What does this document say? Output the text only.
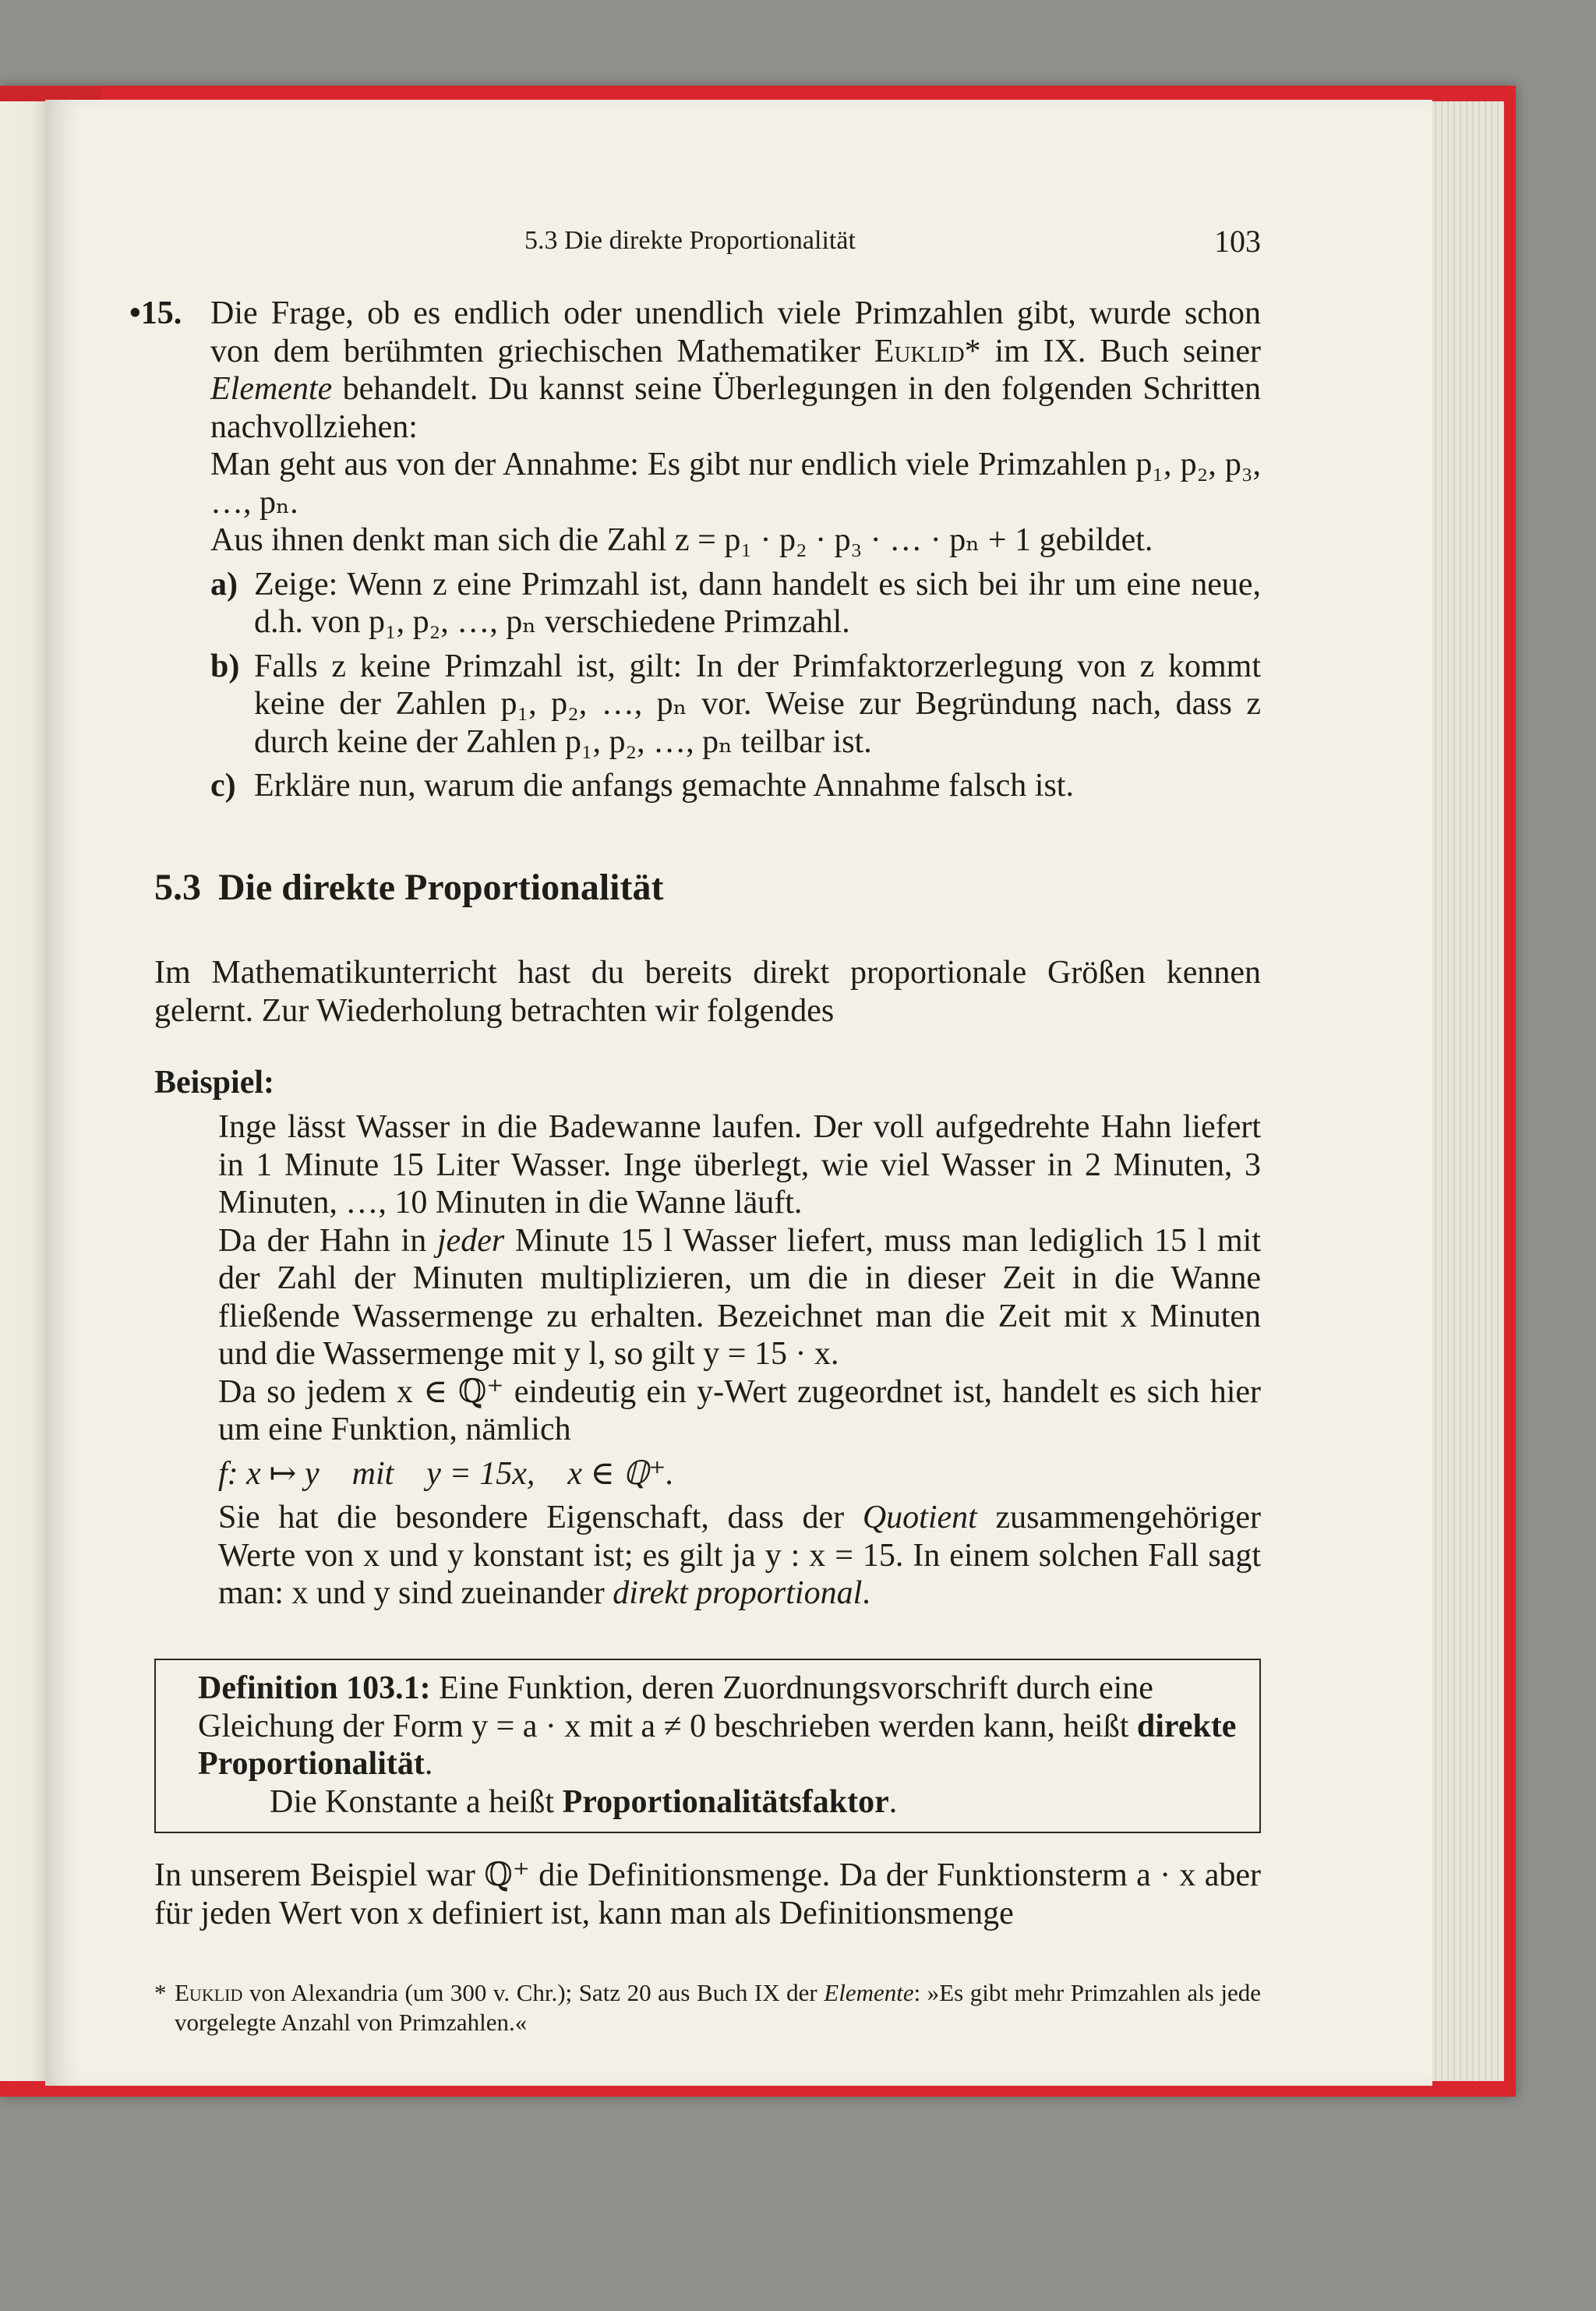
5.3 Die direkte Proportionalität	103
•15. Die Frage, ob es endlich oder unendlich viele Primzahlen gibt, wurde schon von dem berühmten griechischen Mathematiker Euklid* im IX. Buch seiner Elemente behandelt. Du kannst seine Überlegungen in den folgenden Schritten nachvollziehen:
Man geht aus von der Annahme: Es gibt nur endlich viele Primzahlen p₁, p₂, p₃, …, pₙ.
Aus ihnen denkt man sich die Zahl z = p₁ · p₂ · p₃ · … · pₙ + 1 gebildet.
a) Zeige: Wenn z eine Primzahl ist, dann handelt es sich bei ihr um eine neue, d.h. von p₁, p₂, …, pₙ verschiedene Primzahl.
b) Falls z keine Primzahl ist, gilt: In der Primfaktorzerlegung von z kommt keine der Zahlen p₁, p₂, …, pₙ vor. Weise zur Begründung nach, dass z durch keine der Zahlen p₁, p₂, …, pₙ teilbar ist.
c) Erkläre nun, warum die anfangs gemachte Annahme falsch ist.
5.3 Die direkte Proportionalität
Im Mathematikunterricht hast du bereits direkt proportionale Größen kennen gelernt. Zur Wiederholung betrachten wir folgendes
Beispiel:
Inge lässt Wasser in die Badewanne laufen. Der voll aufgedrehte Hahn liefert in 1 Minute 15 Liter Wasser. Inge überlegt, wie viel Wasser in 2 Minuten, 3 Minuten, …, 10 Minuten in die Wanne läuft.
Da der Hahn in jeder Minute 15 l Wasser liefert, muss man lediglich 15 l mit der Zahl der Minuten multiplizieren, um die in dieser Zeit in die Wanne fließende Wassermenge zu erhalten. Bezeichnet man die Zeit mit x Minuten und die Wassermenge mit y l, so gilt y = 15 · x.
Da so jedem x ∈ ℚ⁺ eindeutig ein y-Wert zugeordnet ist, handelt es sich hier um eine Funktion, nämlich
f: x ↦ y    mit    y = 15x,    x ∈ ℚ⁺.
Sie hat die besondere Eigenschaft, dass der Quotient zusammengehöriger Werte von x und y konstant ist; es gilt ja y : x = 15. In einem solchen Fall sagt man: x und y sind zueinander direkt proportional.
Definition 103.1: Eine Funktion, deren Zuordnungsvorschrift durch eine Gleichung der Form y = a · x mit a ≠ 0 beschrieben werden kann, heißt direkte Proportionalität.
Die Konstante a heißt Proportionalitätsfaktor.
In unserem Beispiel war ℚ⁺ die Definitionsmenge. Da der Funktionsterm a · x aber für jeden Wert von x definiert ist, kann man als Definitionsmenge
* Euklid von Alexandria (um 300 v. Chr.); Satz 20 aus Buch IX der Elemente: »Es gibt mehr Primzahlen als jede vorgelegte Anzahl von Primzahlen.«
